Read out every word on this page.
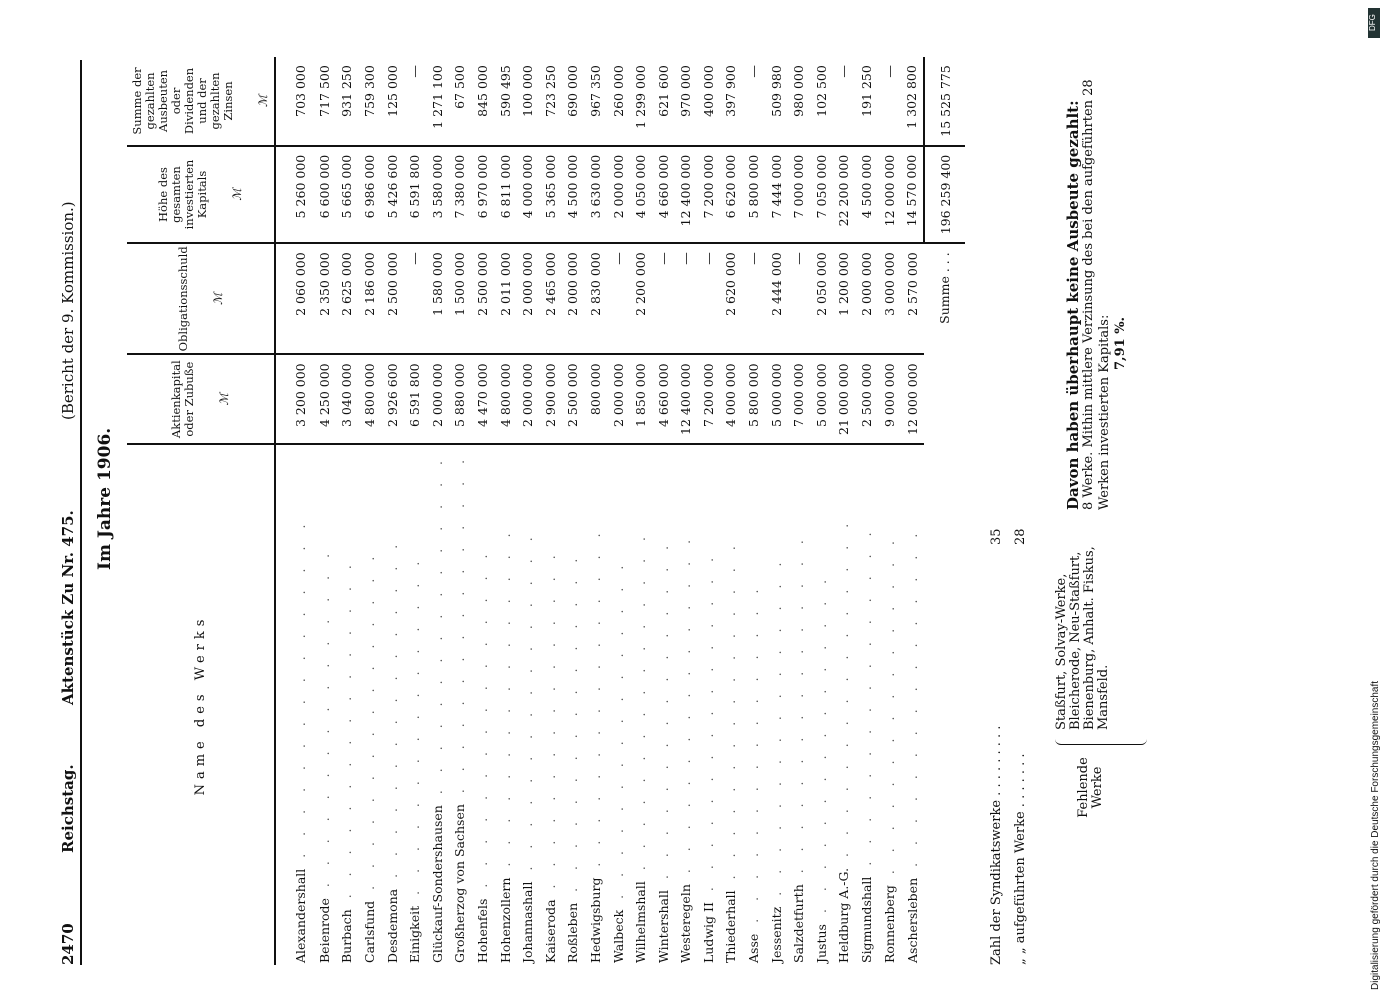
DFG
Digitalisierung gefördert durch die Deutsche Forschungsgemeinschaft
2470
Reichstag.
Aktenstück Zu Nr. 475.
(Bericht der 9. Kommission.)
Im Jahre 1906.
Name des Werks	Aktienkapital oder Zubuße ℳ	Obligationsschuld ℳ	Höhe des gesamten investierten Kapitals ℳ	Summe der gezahlten Ausbeuten oder Dividenden und der gezahlten Zinsen ℳ

Alexandershall . . . . . . . . . . . . . . . .	3 200 000	2 060 000	5 260 000	703 000
Beienrode . . . . . . . . . . . . . . . .	4 250 000	2 350 000	6 600 000	717 500
Burbach . . . . . . . . . . . . . . . .	3 040 000	2 625 000	5 665 000	931 250
Carlsfund . . . . . . . . . . . . . . . .	4 800 000	2 186 000	6 986 000	759 300
Desdemona . . . . . . . . . . . . . . . .	2 926 600	2 500 000	5 426 600	125 000
Einigkeit . . . . . . . . . . . . . . . .	6 591 800	—	6 591 800	—
Glückauf-Sondershausen . . . . . . . . . . . . . . . .	2 000 000	1 580 000	3 580 000	1 271 100
Großherzog von Sachsen . . . . . . . . . . . . . . . .	5 880 000	1 500 000	7 380 000	67 500
Hohenfels . . . . . . . . . . . . . . . .	4 470 000	2 500 000	6 970 000	845 000
Hohenzollern . . . . . . . . . . . . . . . .	4 800 000	2 011 000	6 811 000	590 495
Johannashall . . . . . . . . . . . . . . . .	2 000 000	2 000 000	4 000 000	100 000
Kaiseroda . . . . . . . . . . . . . . . .	2 900 000	2 465 000	5 365 000	723 250
Roßleben . . . . . . . . . . . . . . . .	2 500 000	2 000 000	4 500 000	690 000
Hedwigsburg . . . . . . . . . . . . . . . .	800 000	2 830 000	3 630 000	967 350
Walbeck . . . . . . . . . . . . . . . .	2 000 000	—	2 000 000	260 000
Wilhelmshall . . . . . . . . . . . . . . . .	1 850 000	2 200 000	4 050 000	1 299 000
Wintershall . . . . . . . . . . . . . . . .	4 660 000	—	4 660 000	621 600
Westeregeln . . . . . . . . . . . . . . . .	12 400 000	—	12 400 000	970 000
Ludwig II . . . . . . . . . . . . . . . .	7 200 000	—	7 200 000	400 000
Thiederhall . . . . . . . . . . . . . . . .	4 000 000	2 620 000	6 620 000	397 900
Asse . . . . . . . . . . . . . . . .	5 800 000	—	5 800 000	—
Jessenitz . . . . . . . . . . . . . . . .	5 000 000	2 444 000	7 444 000	509 980
Salzdetfurth . . . . . . . . . . . . . . . .	7 000 000	—	7 000 000	980 000
Justus . . . . . . . . . . . . . . . .	5 000 000	2 050 000	7 050 000	102 500
Heldburg A.-G. . . . . . . . . . . . . . . . .	21 000 000	1 200 000	22 200 000	—
Sigmundshall . . . . . . . . . . . . . . . .	2 500 000	2 000 000	4 500 000	191 250
Ronnenberg . . . . . . . . . . . . . . . .	9 000 000	3 000 000	12 000 000	—
Aschersleben . . . . . . . . . . . . . . . .	12 000 000	2 570 000	14 570 000	1 302 800
		Summe . . .	196 259 400	15 525 775
Zahl der Syndikatswerke . . . . . . . . .
35
„ „ aufgeführten Werke . . . . . . .
28
Fehlende Werke
Staßfurt, Solvay-Werke, Bleicherode, Neu-Staßfurt, Bienenburg, Anhalt. Fiskus, Mansfeld.
Davon haben überhaupt keine Ausbeute gezahlt: 8 Werke. Mithin mittlere Verzinsung des bei den aufgeführten 28 Werken investierten Kapitals: 7,91 %.
